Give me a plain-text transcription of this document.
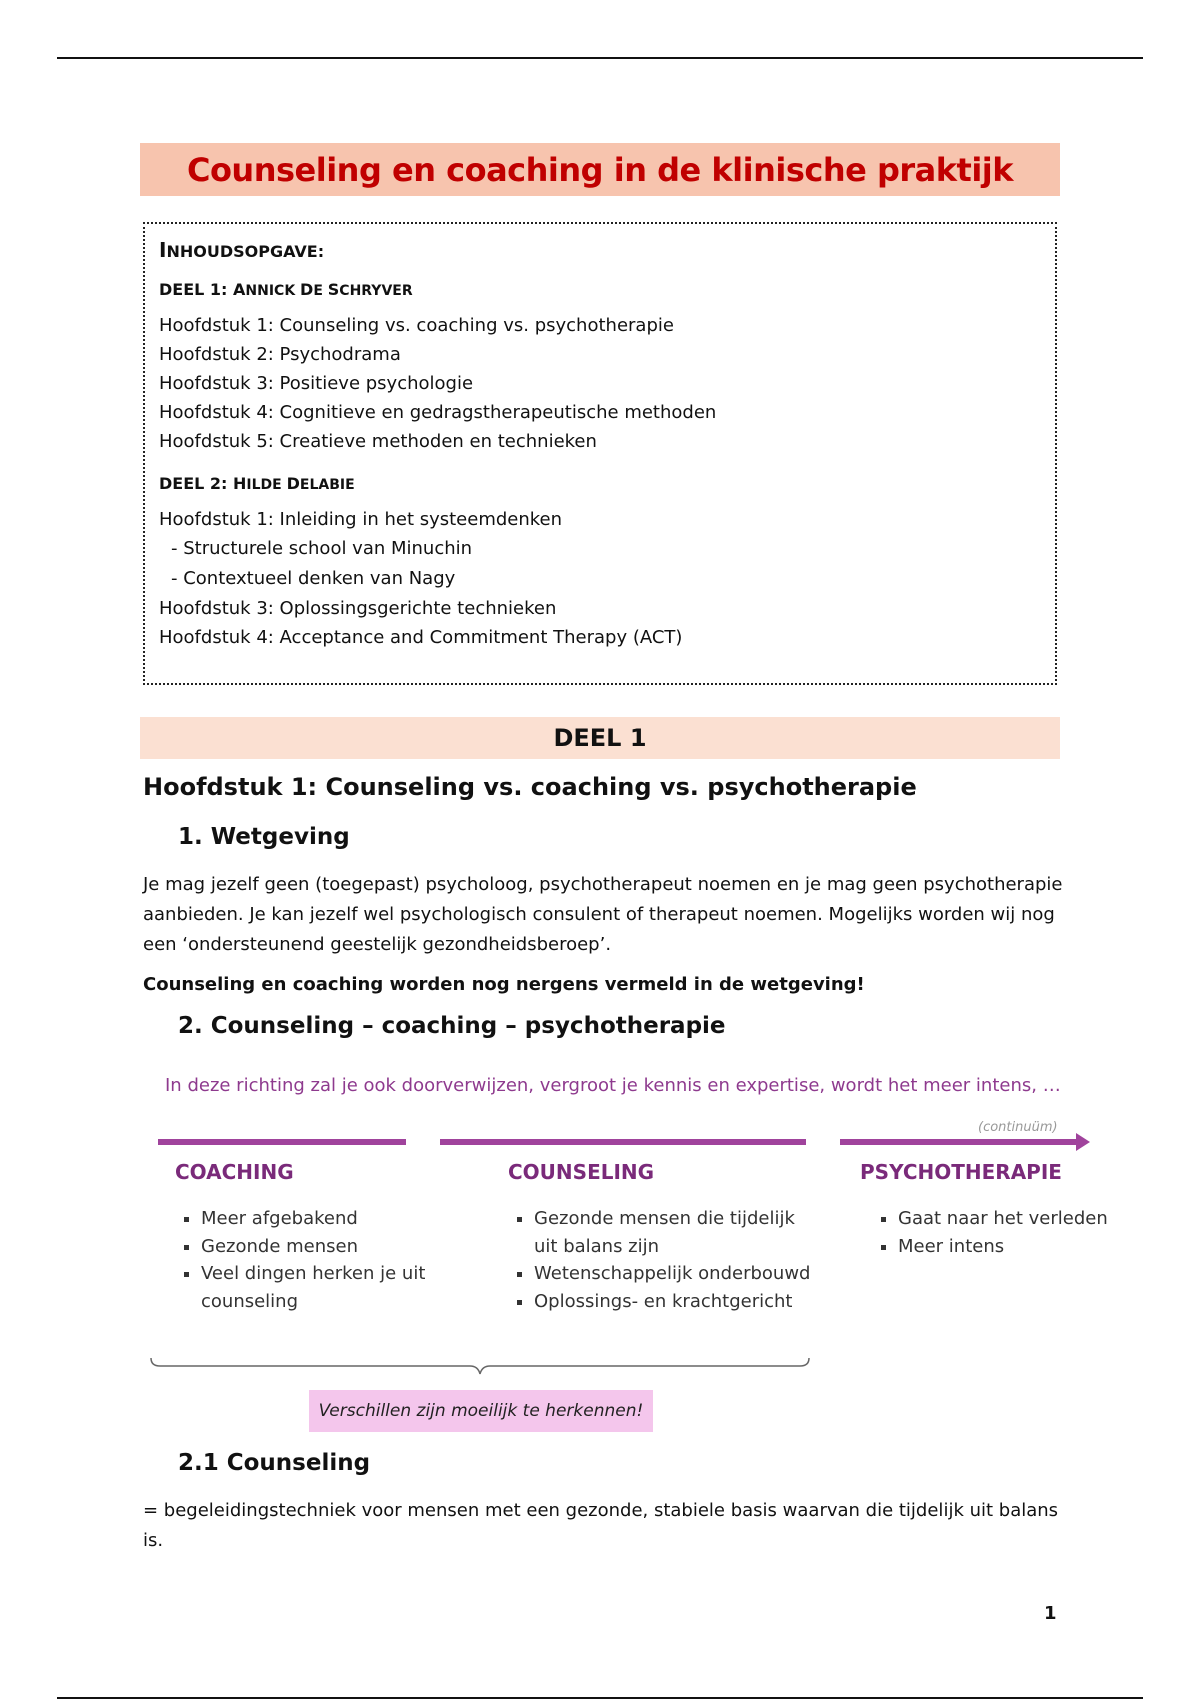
Counseling en coaching in de klinische praktijk
INHOUDSOPGAVE:
DEEL 1: ANNICK DE SCHRYVER
Hoofdstuk 1: Counseling vs. coaching vs. psychotherapie
Hoofdstuk 2: Psychodrama
Hoofdstuk 3: Positieve psychologie
Hoofdstuk 4: Cognitieve en gedragstherapeutische methoden
Hoofdstuk 5: Creatieve methoden en technieken
DEEL 2: HILDE DELABIE
Hoofdstuk 1: Inleiding in het systeemdenken
- Structurele school van Minuchin
- Contextueel denken van Nagy
Hoofdstuk 3: Oplossingsgerichte technieken
Hoofdstuk 4: Acceptance and Commitment Therapy (ACT)
DEEL 1
Hoofdstuk 1: Counseling vs. coaching vs. psychotherapie
1. Wetgeving

Je mag jezelf geen (toegepast) psycholoog, psychotherapeut noemen en je mag geen psychotherapie aanbieden. Je kan jezelf wel psychologisch consulent of therapeut noemen. Mogelijks worden wij nog een ‘ondersteunend geestelijk gezondheidsberoep’.

Counseling en coaching worden nog nergens vermeld in de wetgeving!

2. Counseling – coaching – psychotherapie
In deze richting zal je ook doorverwijzen, vergroot je kennis en expertise, wordt het meer intens, …
(continuüm)
COACHING
▪ Meer afgebakend
▪ Gezonde mensen
▪ Veel dingen herken je uit counseling
COUNSELING
▪ Gezonde mensen die tijdelijk uit balans zijn
▪ Wetenschappelijk onderbouwd
▪ Oplossings- en krachtgericht
PSYCHOTHERAPIE
▪ Gaat naar het verleden
▪ Meer intens
Verschillen zijn moeilijk te herkennen!
2.1 Counseling

= begeleidingstechniek voor mensen met een gezonde, stabiele basis waarvan die tijdelijk uit balans is.

1
